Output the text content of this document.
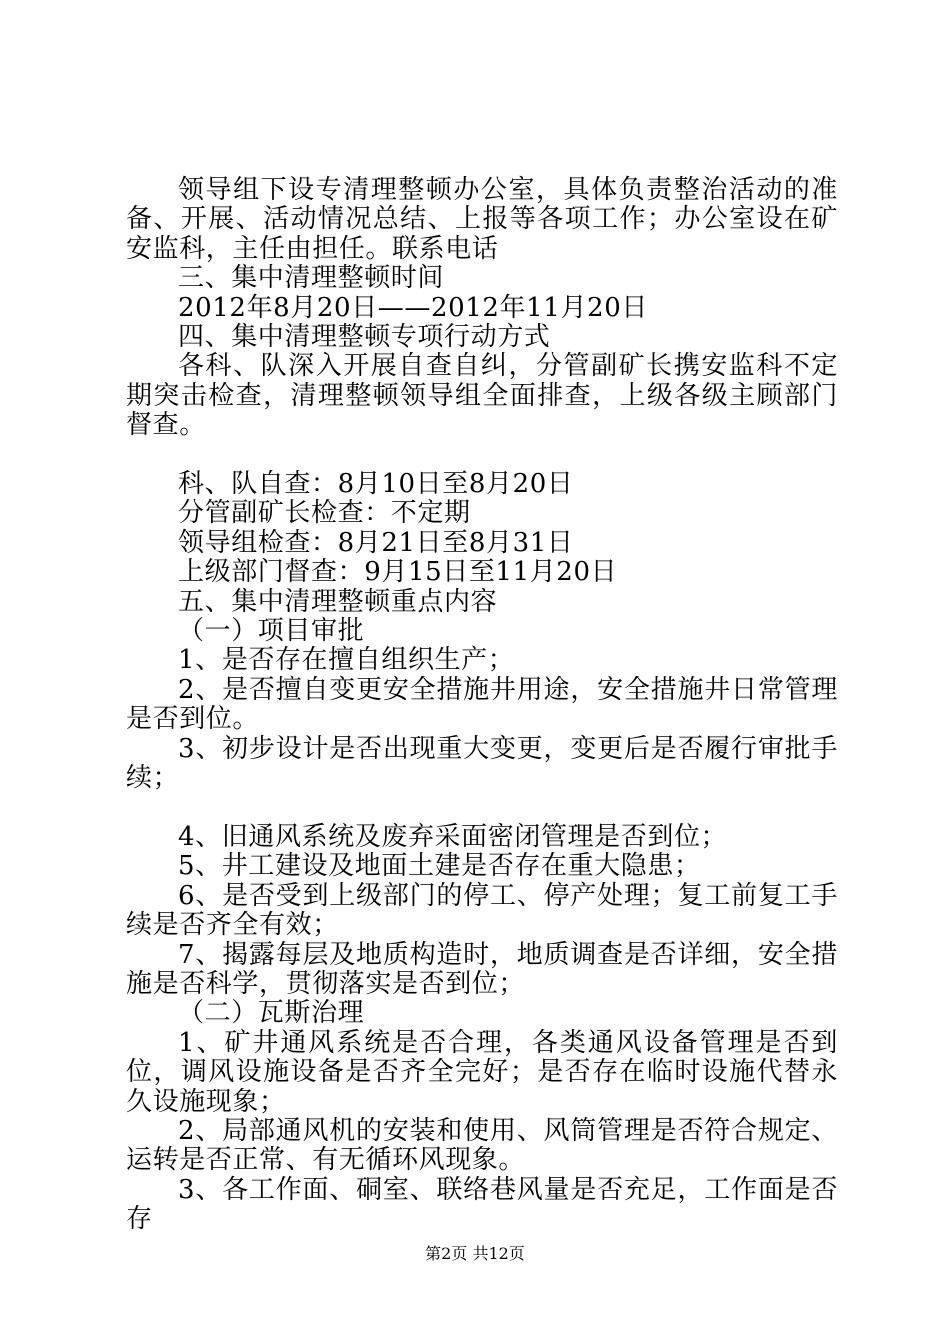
领导组下设专清理整顿办公室，具体负责整治活动的准备、开展、活动情况总结、上报等各项工作；办公室设在矿安监科，主任由担任。联系电话

三、集中清理整顿时间

2012年8月20日——2012年11月20日

四、集中清理整顿专项行动方式

各科、队深入开展自查自纠，分管副矿长携安监科不定期突击检查，清理整顿领导组全面排查，上级各级主顾部门督查。

科、队自查：8月10日至8月20日

分管副矿长检查：不定期

领导组检查：8月21日至8月31日

上级部门督查：9月15日至11月20日

五、集中清理整顿重点内容

（一）项目审批

1、是否存在擅自组织生产；

2、是否擅自变更安全措施井用途，安全措施井日常管理是否到位。

3、初步设计是否出现重大变更，变更后是否履行审批手续；

4、旧通风系统及废弃采面密闭管理是否到位；

5、井工建设及地面土建是否存在重大隐患；

6、是否受到上级部门的停工、停产处理；复工前复工手续是否齐全有效；

7、揭露每层及地质构造时，地质调查是否详细，安全措施是否科学，贯彻落实是否到位；

（二）瓦斯治理

1、矿井通风系统是否合理，各类通风设备管理是否到位，调风设施设备是否齐全完好；是否存在临时设施代替永久设施现象；

2、局部通风机的安装和使用、风筒管理是否符合规定、运转是否正常、有无循环风现象。

3、各工作面、硐室、联络巷风量是否充足，工作面是否存

第2页 共12页
